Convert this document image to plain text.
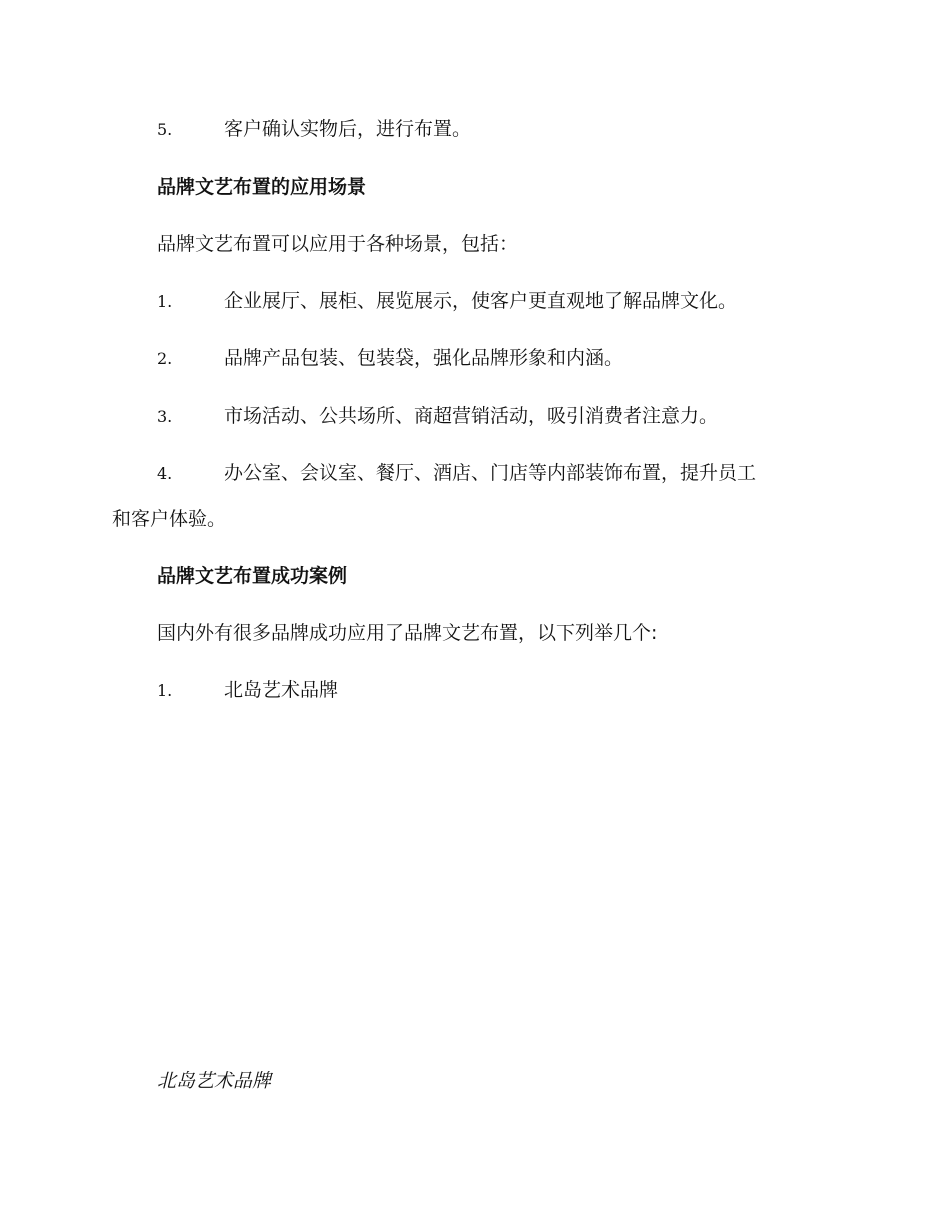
5.	客户确认实物后，进行布置。
品牌文艺布置的应用场景
品牌文艺布置可以应用于各种场景，包括：
1.	企业展厅、展柜、展览展示，使客户更直观地了解品牌文化。
2.	品牌产品包装、包装袋，强化品牌形象和内涵。
3.	市场活动、公共场所、商超营销活动，吸引消费者注意力。
4.	办公室、会议室、餐厅、酒店、门店等内部装饰布置，提升员工
和客户体验。
品牌文艺布置成功案例
国内外有很多品牌成功应用了品牌文艺布置，以下列举几个:
1.	北岛艺术品牌
北岛艺术品牌
